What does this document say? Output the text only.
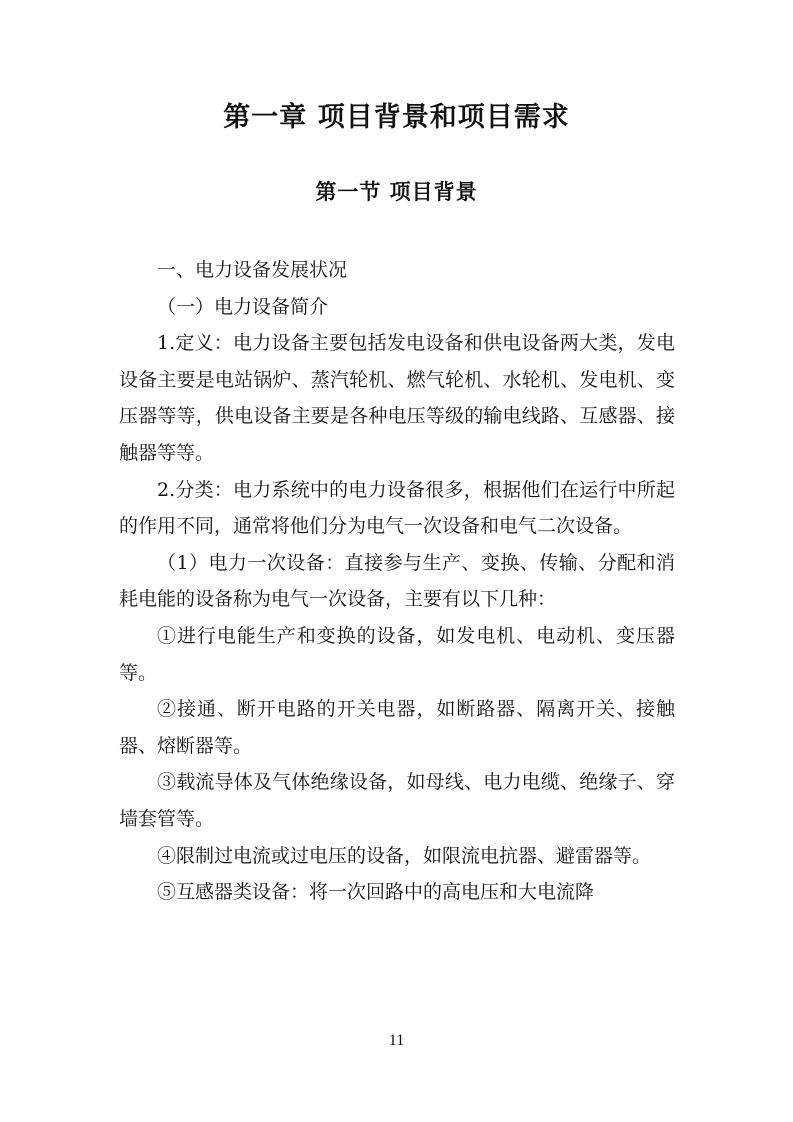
第一章 项目背景和项目需求
第一节 项目背景

一、电力设备发展状况

（一）电力设备简介

1.定义：电力设备主要包括发电设备和供电设备两大类，发电设备主要是电站锅炉、蒸汽轮机、燃气轮机、水轮机、发电机、变压器等等，供电设备主要是各种电压等级的输电线路、互感器、接触器等等。

2.分类：电力系统中的电力设备很多，根据他们在运行中所起的作用不同，通常将他们分为电气一次设备和电气二次设备。

（1）电力一次设备：直接参与生产、变换、传输、分配和消耗电能的设备称为电气一次设备，主要有以下几种：

①进行电能生产和变换的设备，如发电机、电动机、变压器等。

②接通、断开电路的开关电器，如断路器、隔离开关、接触器、熔断器等。

③载流导体及气体绝缘设备，如母线、电力电缆、绝缘子、穿墙套管等。

④限制过电流或过电压的设备，如限流电抗器、避雷器等。

⑤互感器类设备：将一次回路中的高电压和大电流降

11
